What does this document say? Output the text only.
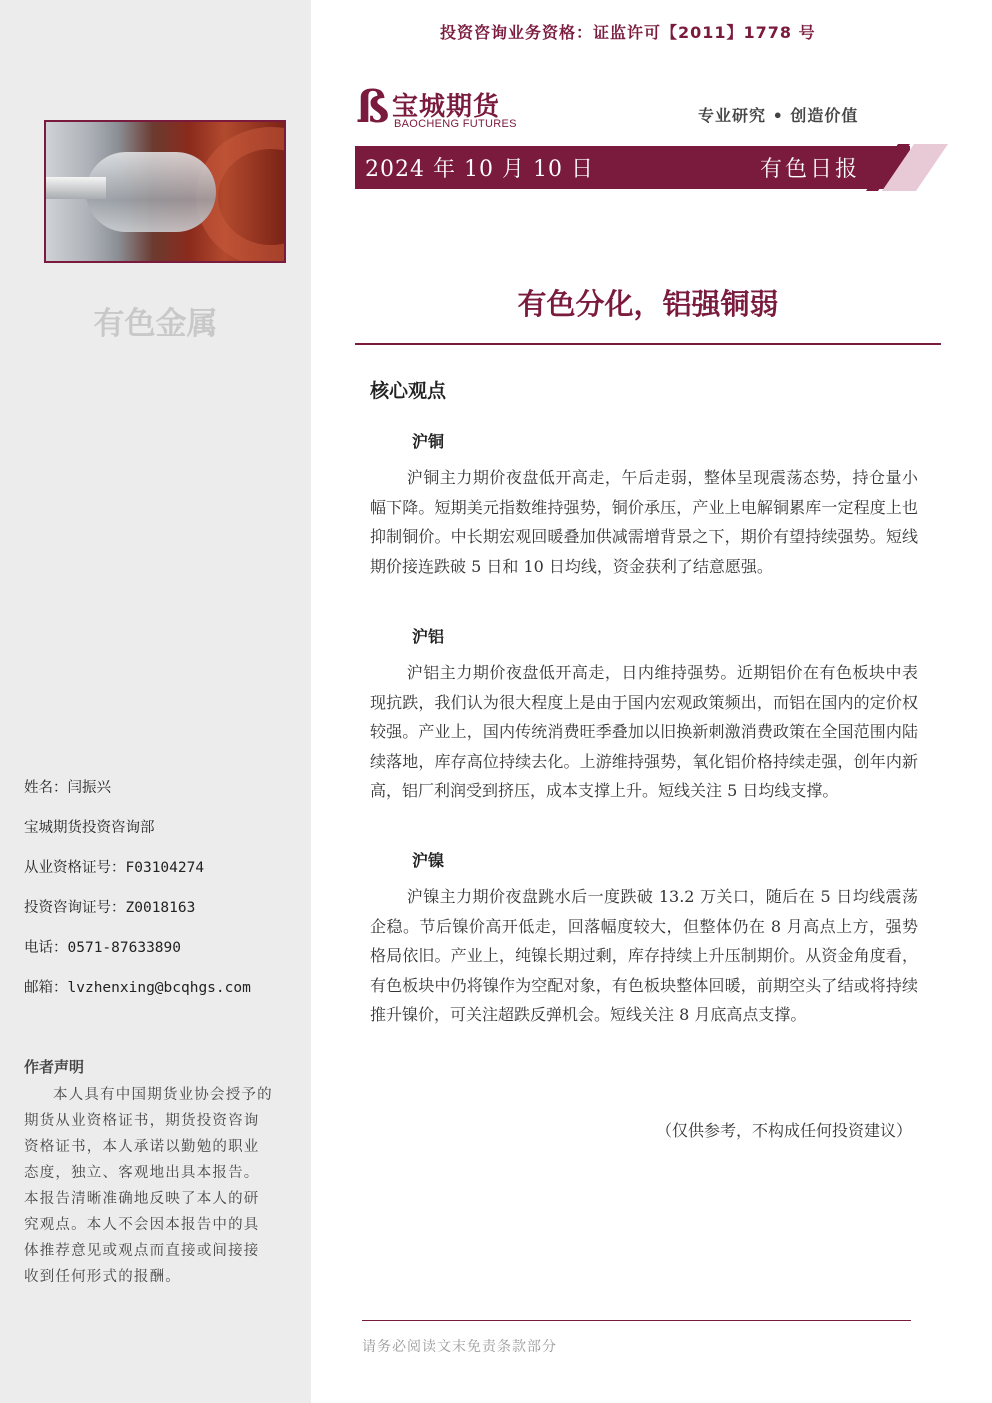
有色金属
姓名：闫振兴
宝城期货投资咨询部
从业资格证号：F03104274
投资咨询证号：Z0018163
电话：0571-87633890
邮箱：lvzhenxing@bcqhgs.com
作者声明
本人具有中国期货业协会授予的期货从业资格证书，期货投资咨询资格证书，本人承诺以勤勉的职业态度，独立、客观地出具本报告。本报告清晰准确地反映了本人的研究观点。本人不会因本报告中的具体推荐意见或观点而直接或间接接收到任何形式的报酬。
投资咨询业务资格：证监许可【2011】1778 号
ß 宝城期货
BAOCHENG FUTURES	专业研究 • 创造价值
2024 年 10 月 10 日	有色日报
有色分化，铝强铜弱
核心观点
沪铜
沪铜主力期价夜盘低开高走，午后走弱，整体呈现震荡态势，持仓量小幅下降。短期美元指数维持强势，铜价承压，产业上电解铜累库一定程度上也抑制铜价。中长期宏观回暖叠加供减需增背景之下，期价有望持续强势。短线期价接连跌破 5 日和 10 日均线，资金获利了结意愿强。
沪铝
沪铝主力期价夜盘低开高走，日内维持强势。近期铝价在有色板块中表现抗跌，我们认为很大程度上是由于国内宏观政策频出，而铝在国内的定价权较强。产业上，国内传统消费旺季叠加以旧换新刺激消费政策在全国范围内陆续落地，库存高位持续去化。上游维持强势，氧化铝价格持续走强，创年内新高，铝厂利润受到挤压，成本支撑上升。短线关注 5 日均线支撑。
沪镍
沪镍主力期价夜盘跳水后一度跌破 13.2 万关口，随后在 5 日均线震荡企稳。节后镍价高开低走，回落幅度较大，但整体仍在 8 月高点上方，强势格局依旧。产业上，纯镍长期过剩，库存持续上升压制期价。从资金角度看，有色板块中仍将镍作为空配对象，有色板块整体回暖，前期空头了结或将持续推升镍价，可关注超跌反弹机会。短线关注 8 月底高点支撑。
（仅供参考，不构成任何投资建议）
请务必阅读文末免责条款部分
